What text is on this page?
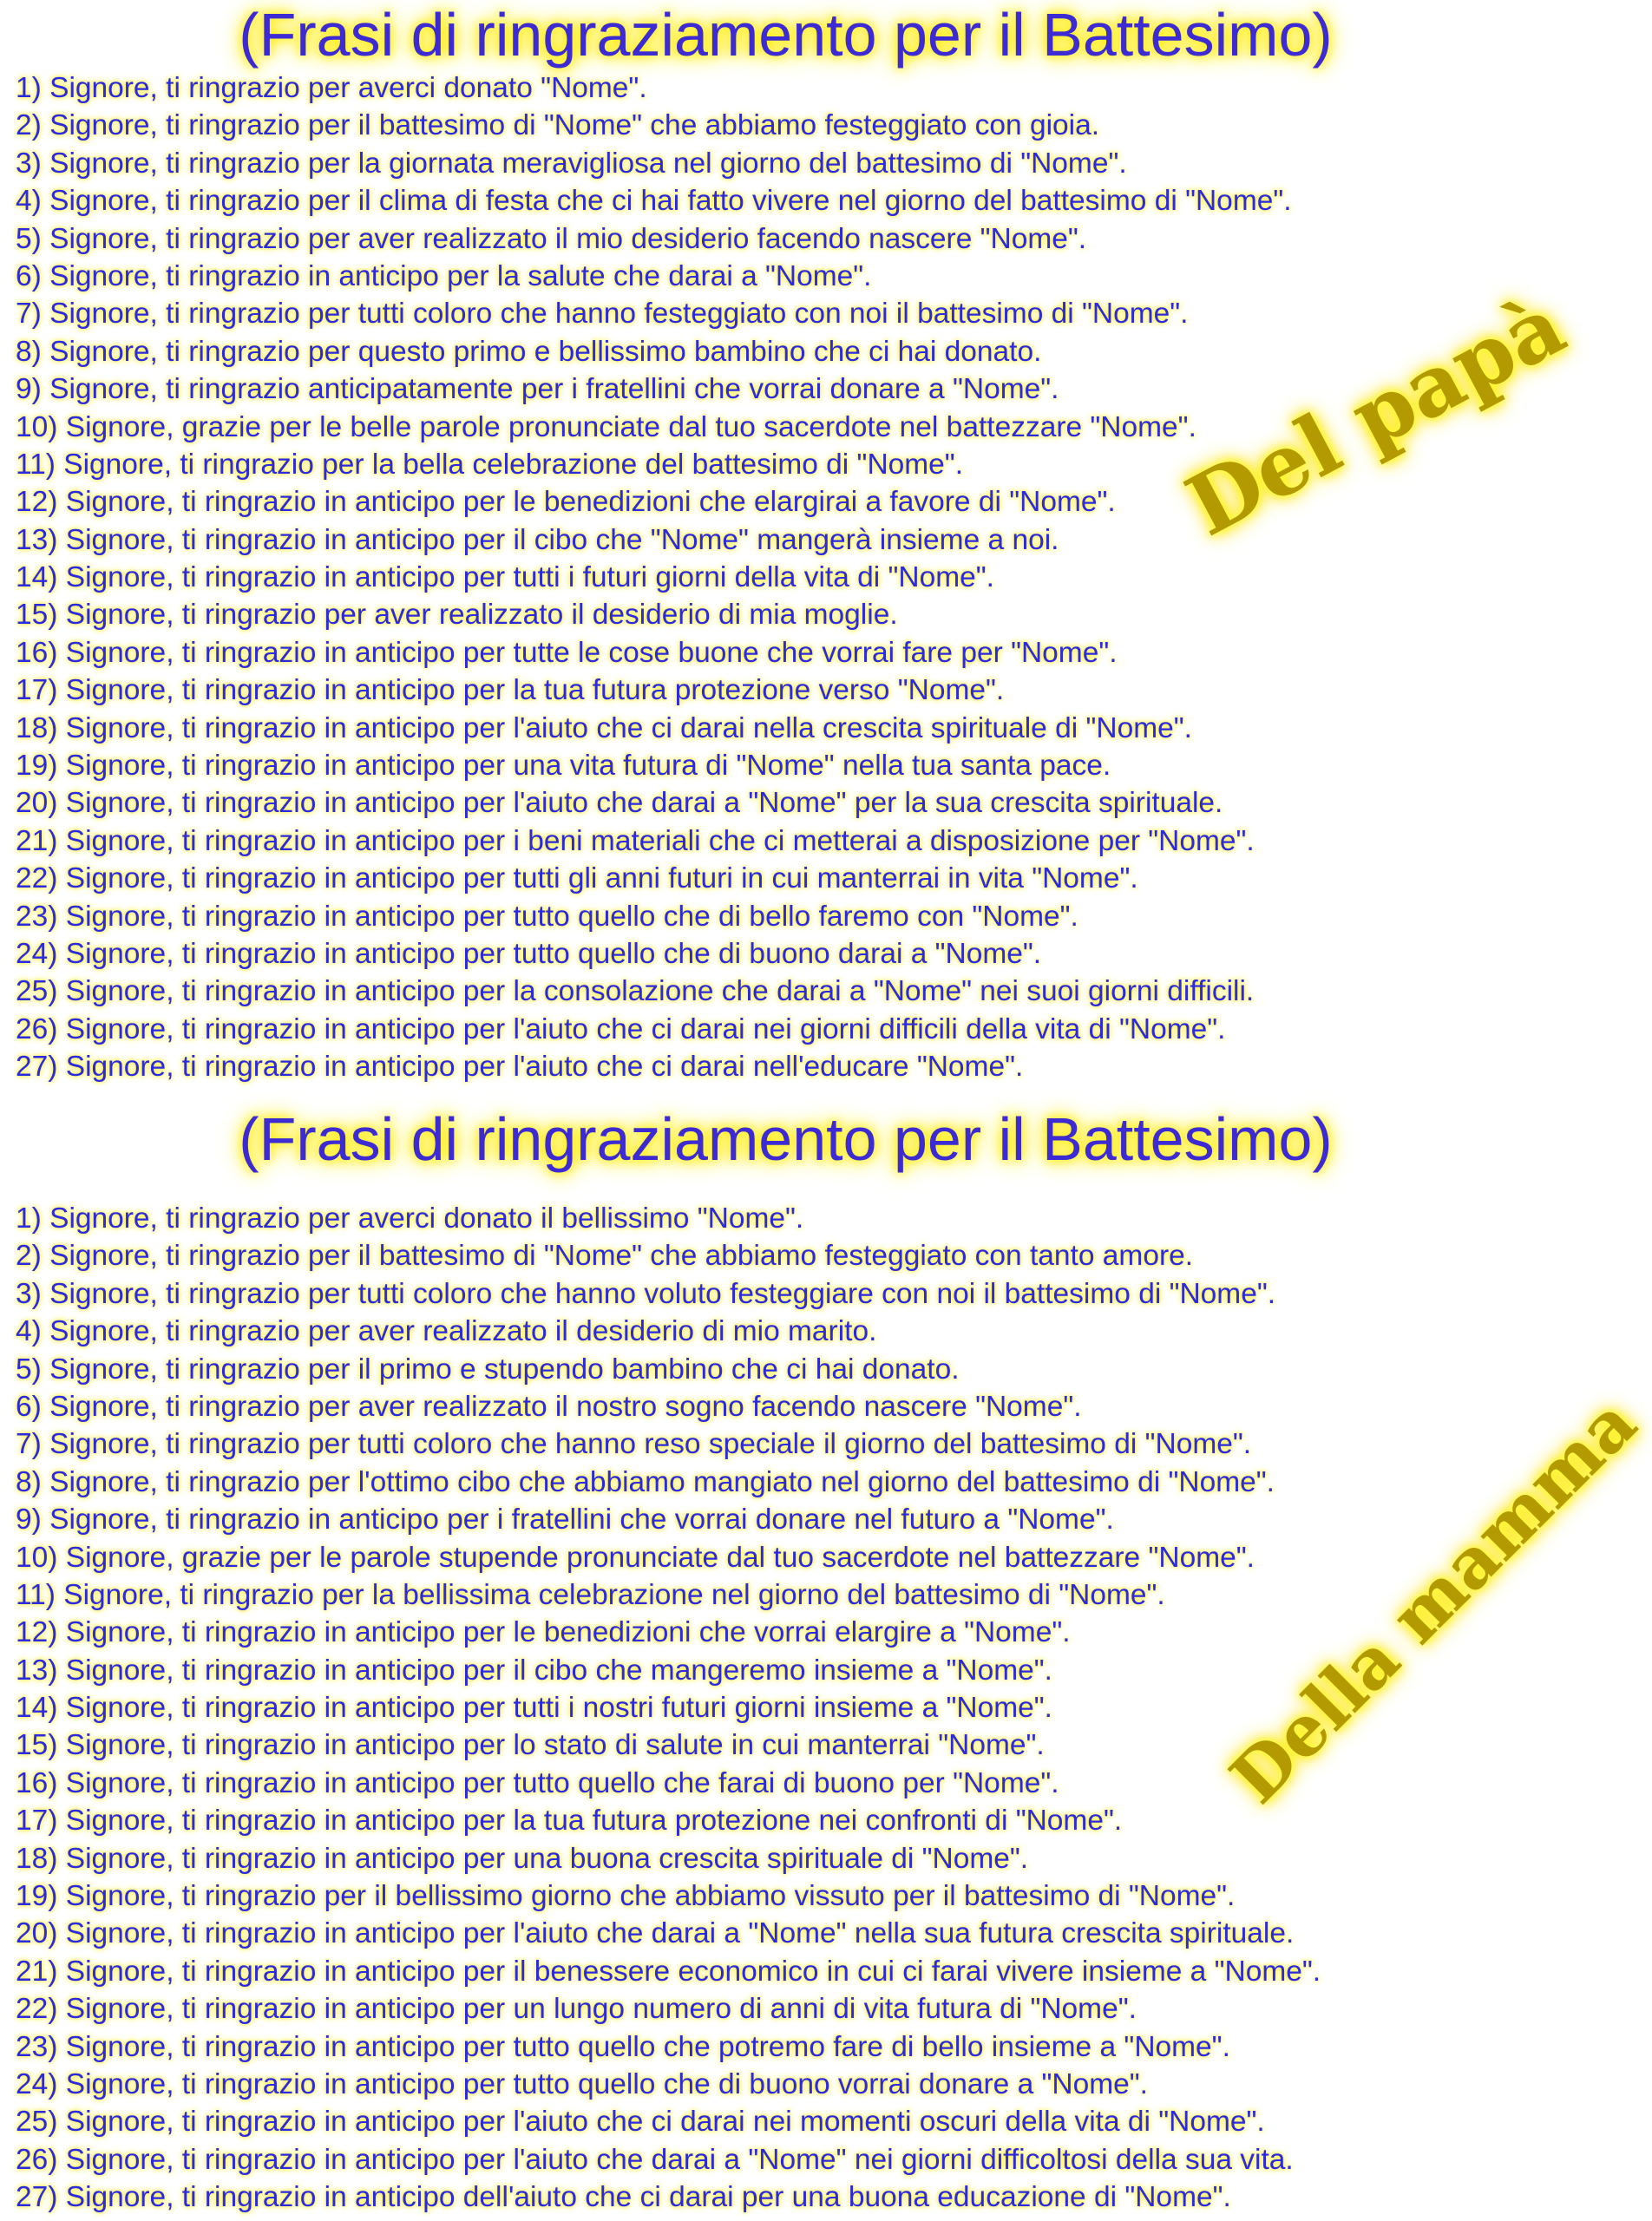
(Frasi di ringraziamento per il Battesimo)
1) Signore, ti ringrazio per averci donato "Nome".
2) Signore, ti ringrazio per il battesimo di "Nome" che abbiamo festeggiato con gioia.
3) Signore, ti ringrazio per la giornata meravigliosa nel giorno del battesimo di "Nome".
4) Signore, ti ringrazio per il clima di festa che ci hai fatto vivere nel giorno del battesimo di "Nome".
5) Signore, ti ringrazio per aver realizzato il mio desiderio facendo nascere "Nome".
6) Signore, ti ringrazio in anticipo per la salute che darai a "Nome".
7) Signore, ti ringrazio per tutti coloro che hanno festeggiato con noi il battesimo di "Nome".
8) Signore, ti ringrazio per questo primo e bellissimo bambino che ci hai donato.
9) Signore, ti ringrazio anticipatamente per i fratellini che vorrai donare a "Nome".
10) Signore, grazie per le belle parole pronunciate dal tuo sacerdote nel battezzare "Nome".
11) Signore, ti ringrazio per la bella celebrazione del battesimo di "Nome".
12) Signore, ti ringrazio in anticipo per le benedizioni che elargirai a favore di "Nome".
13) Signore, ti ringrazio in anticipo per il cibo che "Nome" mangerà insieme a noi.
14) Signore, ti ringrazio in anticipo per tutti i futuri giorni della vita di "Nome".
15) Signore, ti ringrazio per aver realizzato il desiderio di mia moglie.
16) Signore, ti ringrazio in anticipo per tutte le cose buone che vorrai fare per "Nome".
17) Signore, ti ringrazio in anticipo per la tua futura protezione verso "Nome".
18) Signore, ti ringrazio in anticipo per l'aiuto che ci darai nella crescita spirituale di "Nome".
19) Signore, ti ringrazio in anticipo per una vita futura di "Nome" nella tua santa pace.
20) Signore, ti ringrazio in anticipo per l'aiuto che darai a "Nome" per la sua crescita spirituale.
21) Signore, ti ringrazio in anticipo per i beni materiali che ci metterai a disposizione per "Nome".
22) Signore, ti ringrazio in anticipo per tutti gli anni futuri in cui manterrai in vita "Nome".
23) Signore, ti ringrazio in anticipo per tutto quello che di bello faremo con "Nome".
24) Signore, ti ringrazio in anticipo per tutto quello che di buono darai a "Nome".
25) Signore, ti ringrazio in anticipo per la consolazione che darai a "Nome" nei suoi giorni difficili.
26) Signore, ti ringrazio in anticipo per l'aiuto che ci darai nei giorni difficili della vita di "Nome".
27) Signore, ti ringrazio in anticipo per l'aiuto che ci darai nell'educare "Nome".
Del papà
(Frasi di ringraziamento per il Battesimo)
1) Signore, ti ringrazio per averci donato il bellissimo "Nome".
2) Signore, ti ringrazio per il battesimo di "Nome" che abbiamo festeggiato con tanto amore.
3) Signore, ti ringrazio per tutti coloro che hanno voluto festeggiare con noi il battesimo di "Nome".
4) Signore, ti ringrazio per aver realizzato il desiderio di mio marito.
5) Signore, ti ringrazio per il primo e stupendo bambino che ci hai donato.
6) Signore, ti ringrazio per aver realizzato il nostro sogno facendo nascere "Nome".
7) Signore, ti ringrazio per tutti coloro che hanno reso speciale il giorno del battesimo di "Nome".
8) Signore, ti ringrazio per l'ottimo cibo che abbiamo mangiato nel giorno del battesimo di "Nome".
9) Signore, ti ringrazio in anticipo per i fratellini che vorrai donare nel futuro a "Nome".
10) Signore, grazie per le parole stupende pronunciate dal tuo sacerdote nel battezzare "Nome".
11) Signore, ti ringrazio per la bellissima celebrazione nel giorno del battesimo di "Nome".
12) Signore, ti ringrazio in anticipo per le benedizioni che vorrai elargire a "Nome".
13) Signore, ti ringrazio in anticipo per il cibo che mangeremo insieme a "Nome".
14) Signore, ti ringrazio in anticipo per tutti i nostri futuri giorni insieme a "Nome".
15) Signore, ti ringrazio in anticipo per lo stato di salute in cui manterrai "Nome".
16) Signore, ti ringrazio in anticipo per tutto quello che farai di buono per "Nome".
17) Signore, ti ringrazio in anticipo per la tua futura protezione nei confronti di "Nome".
18) Signore, ti ringrazio in anticipo per una buona crescita spirituale di "Nome".
19) Signore, ti ringrazio per il bellissimo giorno che abbiamo vissuto per il battesimo di "Nome".
20) Signore, ti ringrazio in anticipo per l'aiuto che darai a "Nome" nella sua futura crescita spirituale.
21) Signore, ti ringrazio in anticipo per il benessere economico in cui ci farai vivere insieme a "Nome".
22) Signore, ti ringrazio in anticipo per un lungo numero di anni di vita futura di "Nome".
23) Signore, ti ringrazio in anticipo per tutto quello che potremo fare di bello insieme a "Nome".
24) Signore, ti ringrazio in anticipo per tutto quello che di buono vorrai donare a "Nome".
25) Signore, ti ringrazio in anticipo per l'aiuto che ci darai nei momenti oscuri della vita di "Nome".
26) Signore, ti ringrazio in anticipo per l'aiuto che darai a "Nome" nei giorni difficoltosi della sua vita.
27) Signore, ti ringrazio in anticipo dell'aiuto che ci darai per una buona educazione di "Nome".
Della mamma
